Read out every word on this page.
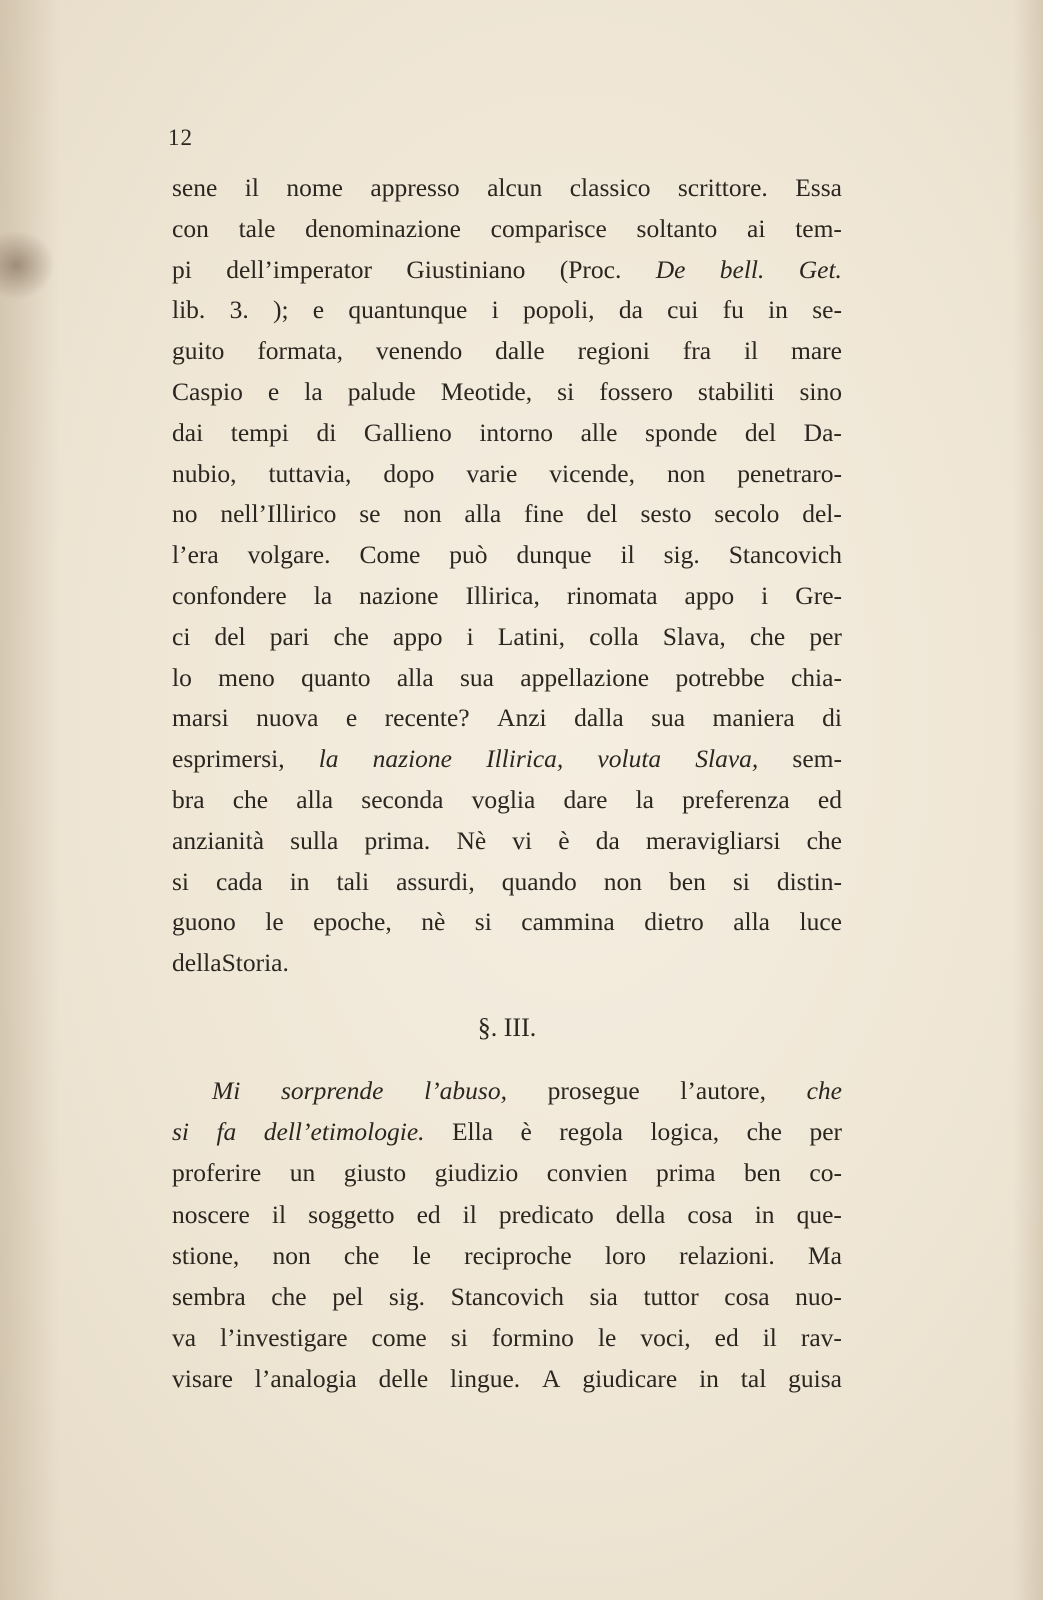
12
sene il nome appresso alcun classico scrittore. Essa
con tale denominazione comparisce soltanto ai tem-
pi dell’imperator Giustiniano (Proc. De bell. Get.
lib. 3. ); e quantunque i popoli, da cui fu in se-
guito formata, venendo dalle regioni fra il mare
Caspio e la palude Meotide, si fossero stabiliti sino
dai tempi di Gallieno intorno alle sponde del Da-
nubio, tuttavia, dopo varie vicende, non penetraro-
no nell’Illirico se non alla fine del sesto secolo del-
l’era volgare. Come può dunque il sig. Stancovich
confondere la nazione Illirica, rinomata appo i Gre-
ci del pari che appo i Latini, colla Slava, che per
lo meno quanto alla sua appellazione potrebbe chia-
marsi nuova e recente? Anzi dalla sua maniera di
esprimersi, la nazione Illirica, voluta Slava, sem-
bra che alla seconda voglia dare la preferenza ed
anzianità sulla prima. Nè vi è da meravigliarsi che
si cada in tali assurdi, quando non ben si distin-
guono le epoche, nè si cammina dietro alla luce
della Storia.
§. III.
Mi sorprende l’abuso, prosegue l’autore, che
si fa dell’etimologie. Ella è regola logica, che per
proferire un giusto giudizio convien prima ben co-
noscere il soggetto ed il predicato della cosa in que-
stione, non che le reciproche loro relazioni. Ma
sembra che pel sig. Stancovich sia tuttor cosa nuo-
va l’investigare come si formino le voci, ed il rav-
visare l’analogia delle lingue. A giudicare in tal guisa
